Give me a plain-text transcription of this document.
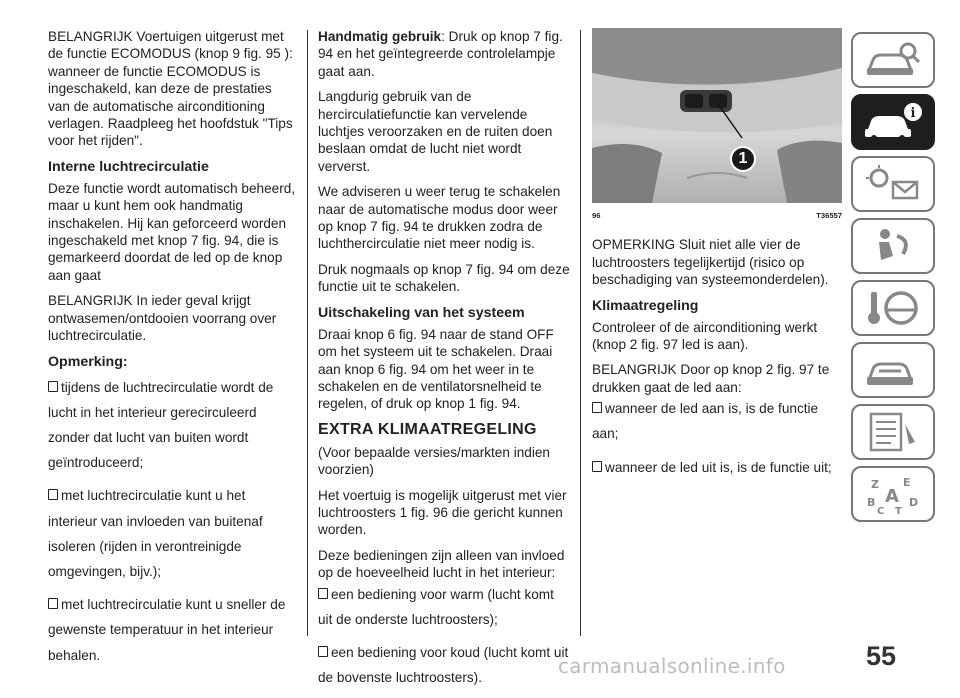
BELANGRIJK Voertuigen uitgerust met de functie ECOMODUS (knop 9 fig. 95 ): wanneer de functie ECOMODUS is ingeschakeld, kan deze de prestaties van de automatische airconditioning verlagen. Raadpleeg het hoofdstuk "Tips voor het rijden".

Interne luchtrecirculatie

Deze functie wordt automatisch beheerd, maar u kunt hem ook handmatig inschakelen. Hij kan geforceerd worden ingeschakeld met knop 7 fig. 94, die is gemarkeerd doordat de led op de knop aan gaat

BELANGRIJK In ieder geval krijgt ontwasemen/ontdooien voorrang over luchtrecirculatie.

Opmerking:

tijdens de luchtrecirculatie wordt de lucht in het interieur gerecirculeerd zonder dat lucht van buiten wordt geïntroduceerd;

met luchtrecirculatie kunt u het interieur van invloeden van buitenaf isoleren (rijden in verontreinigde omgevingen, bijv.);

met luchtrecirculatie kunt u sneller de gewenste temperatuur in het interieur behalen.

Handmatig gebruik: Druk op knop 7 fig. 94 en het geïntegreerde controlelampje gaat aan.

Langdurig gebruik van de hercirculatiefunctie kan vervelende luchtjes veroorzaken en de ruiten doen beslaan omdat de lucht niet wordt ververst.

We adviseren u weer terug te schakelen naar de automatische modus door weer op knop 7 fig. 94 te drukken zodra de luchthercirculatie niet meer nodig is.

Druk nogmaals op knop 7 fig. 94 om deze functie uit te schakelen.

Uitschakeling van het systeem

Draai knop 6 fig. 94 naar de stand OFF om het systeem uit te schakelen. Draai aan knop 6 fig. 94 om het weer in te schakelen en de ventilatorsnelheid te regelen, of druk op knop 1 fig. 94.

EXTRA KLIMAATREGELING

(Voor bepaalde versies/markten indien voorzien)

Het voertuig is mogelijk uitgerust met vier luchtroosters 1 fig. 96 die gericht kunnen worden.

Deze bedieningen zijn alleen van invloed op de hoeveelheid lucht in het interieur:

een bediening voor warm (lucht komt uit de onderste luchtroosters);

een bediening voor koud (lucht komt uit de bovenste luchtroosters).

1
96	T36557

OPMERKING Sluit niet alle vier de luchtroosters tegelijkertijd (risico op beschadiging van systeemonderdelen).

Klimaatregeling

Controleer of de airconditioning werkt (knop 2 fig. 97 led is aan).

BELANGRIJK Door op knop 2 fig. 97 te drukken gaat de led aan:

wanneer de led aan is, is de functie aan;

wanneer de led uit is, is de functie uit;

i
Z E
B A D
C T
55
carmanualsonline.info
